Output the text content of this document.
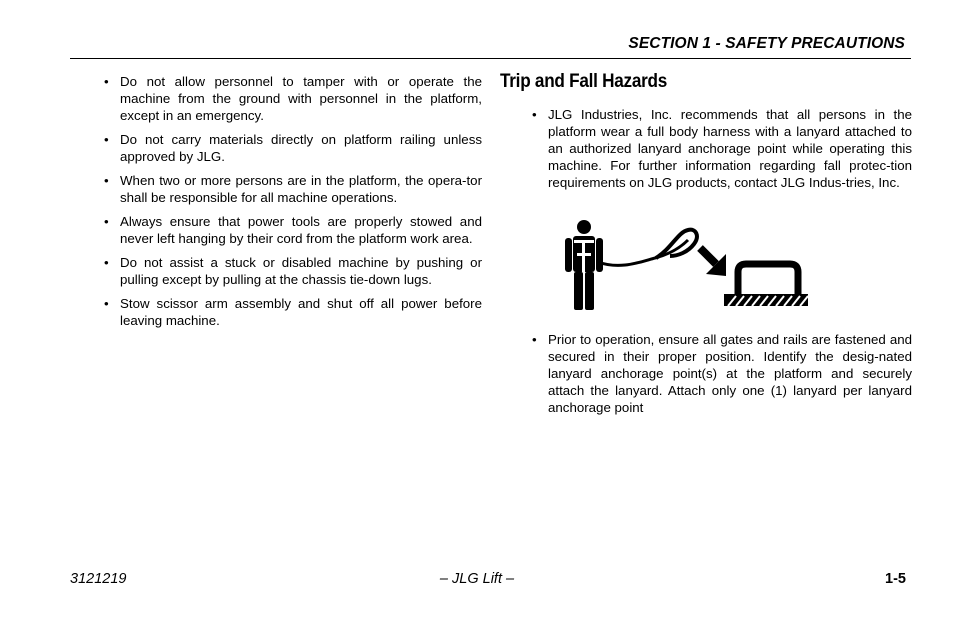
SECTION 1 - SAFETY PRECAUTIONS
• Do not allow personnel to tamper with or operate the machine from the ground with personnel in the platform, except in an emergency.
• Do not carry materials directly on platform railing unless approved by JLG.
• When two or more persons are in the platform, the opera-tor shall be responsible for all machine operations.
• Always ensure that power tools are properly stowed and never left hanging by their cord from the platform work area.
• Do not assist a stuck or disabled machine by pushing or pulling except by pulling at the chassis tie-down lugs.
• Stow scissor arm assembly and shut off all power before leaving machine.
Trip and Fall Hazards
• JLG Industries, Inc. recommends that all persons in the platform wear a full body harness with a lanyard attached to an authorized lanyard anchorage point while operating this machine. For further information regarding fall protec-tion requirements on JLG products, contact JLG Indus-tries, Inc.
• Prior to operation, ensure all gates and rails are fastened and secured in their proper position. Identify the desig-nated lanyard anchorage point(s) at the platform and securely attach the lanyard. Attach only one (1) lanyard per lanyard anchorage point
3121219	– JLG Lift –	1-5
